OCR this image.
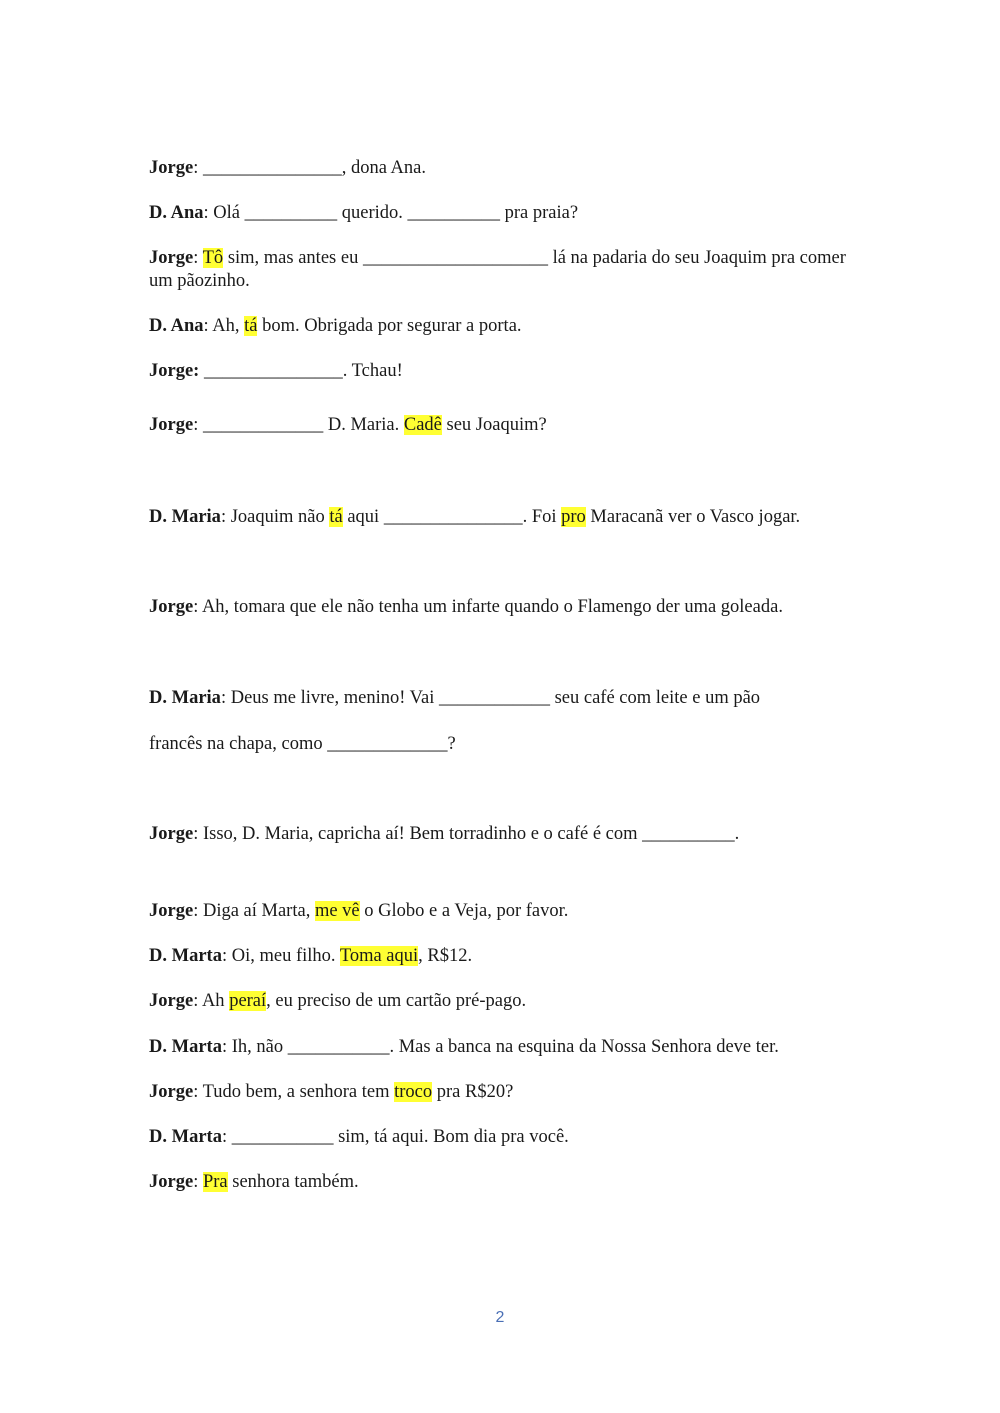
Jorge: _______________, dona Ana.
D. Ana: Olá __________ querido. __________ pra praia?
Jorge: Tô sim, mas antes eu ____________________ lá na padaria do seu Joaquim pra comer um pãozinho.
D. Ana: Ah, tá bom. Obrigada por segurar a porta.
Jorge: _______________. Tchau!
Jorge: _____________ D. Maria. Cadê seu Joaquim?
D. Maria: Joaquim não tá aqui _______________. Foi pro Maracanã ver o Vasco jogar.
Jorge: Ah, tomara que ele não tenha um infarte quando o Flamengo der uma goleada.
D. Maria: Deus me livre, menino! Vai ____________ seu café com leite e um pão
francês na chapa, como _____________?
Jorge: Isso, D. Maria, capricha aí! Bem torradinho e o café é com __________.
Jorge: Diga aí Marta, me vê o Globo e a Veja, por favor.
D. Marta: Oi, meu filho. Toma aqui, R$12.
Jorge: Ah peraí, eu preciso de um cartão pré-pago.
D. Marta: Ih, não ___________. Mas a banca na esquina da Nossa Senhora deve ter.
Jorge: Tudo bem, a senhora tem troco pra R$20?
D. Marta: ___________ sim, tá aqui. Bom dia pra você.
Jorge: Pra senhora também.
2
